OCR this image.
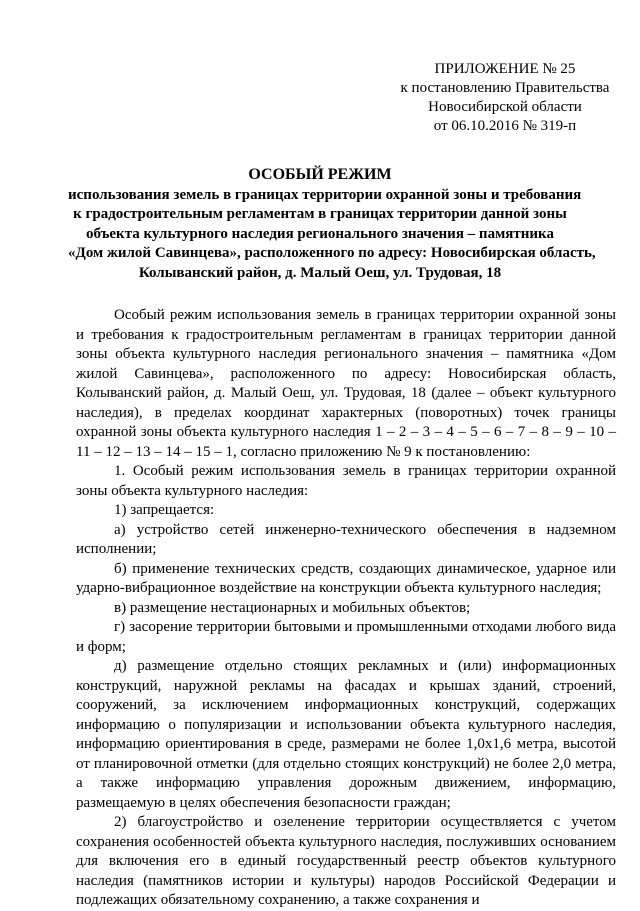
ПРИЛОЖЕНИЕ № 25
к постановлению Правительства
Новосибирской области
от 06.10.2016 № 319-п
ОСОБЫЙ РЕЖИМ
использования земель в границах территории охранной зоны и требования
к градостроительным регламентам в границах территории данной зоны
объекта культурного наследия регионального значения – памятника
«Дом жилой Савинцева», расположенного по адресу: Новосибирская область,
Колыванский район, д. Малый Оеш, ул. Трудовая, 18

Особый режим использования земель в границах территории охранной зоны и требования к градостроительным регламентам в границах территории данной зоны объекта культурного наследия регионального значения – памятника «Дом жилой Савинцева», расположенного по адресу: Новосибирская область, Колыванский район, д. Малый Оеш, ул. Трудовая, 18 (далее – объект культурного наследия), в пределах координат характерных (поворотных) точек границы охранной зоны объекта культурного наследия 1 – 2 – 3 – 4 – 5 – 6 – 7 – 8 – 9 – 10 – 11 – 12 – 13 – 14 – 15 – 1, согласно приложению № 9 к постановлению:

1. Особый режим использования земель в границах территории охранной зоны объекта культурного наследия:

1) запрещается:

а) устройство сетей инженерно-технического обеспечения в надземном исполнении;

б) применение технических средств, создающих динамическое, ударное или ударно-вибрационное воздействие на конструкции объекта культурного наследия;

в) размещение нестационарных и мобильных объектов;

г) засорение территории бытовыми и промышленными отходами любого вида и форм;

д) размещение отдельно стоящих рекламных и (или) информационных конструкций, наружной рекламы на фасадах и крышах зданий, строений, сооружений, за исключением информационных конструкций, содержащих информацию о популяризации и использовании объекта культурного наследия, информацию ориентирования в среде, размерами не более 1,0x1,6 метра, высотой от планировочной отметки (для отдельно стоящих конструкций) не более 2,0 метра, а также информацию управления дорожным движением, информацию, размещаемую в целях обеспечения безопасности граждан;

2) благоустройство и озеленение территории осуществляется с учетом сохранения особенностей объекта культурного наследия, послуживших основанием для включения его в единый государственный реестр объектов культурного наследия (памятников истории и культуры) народов Российской Федерации и подлежащих обязательному сохранению, а также сохранения и
